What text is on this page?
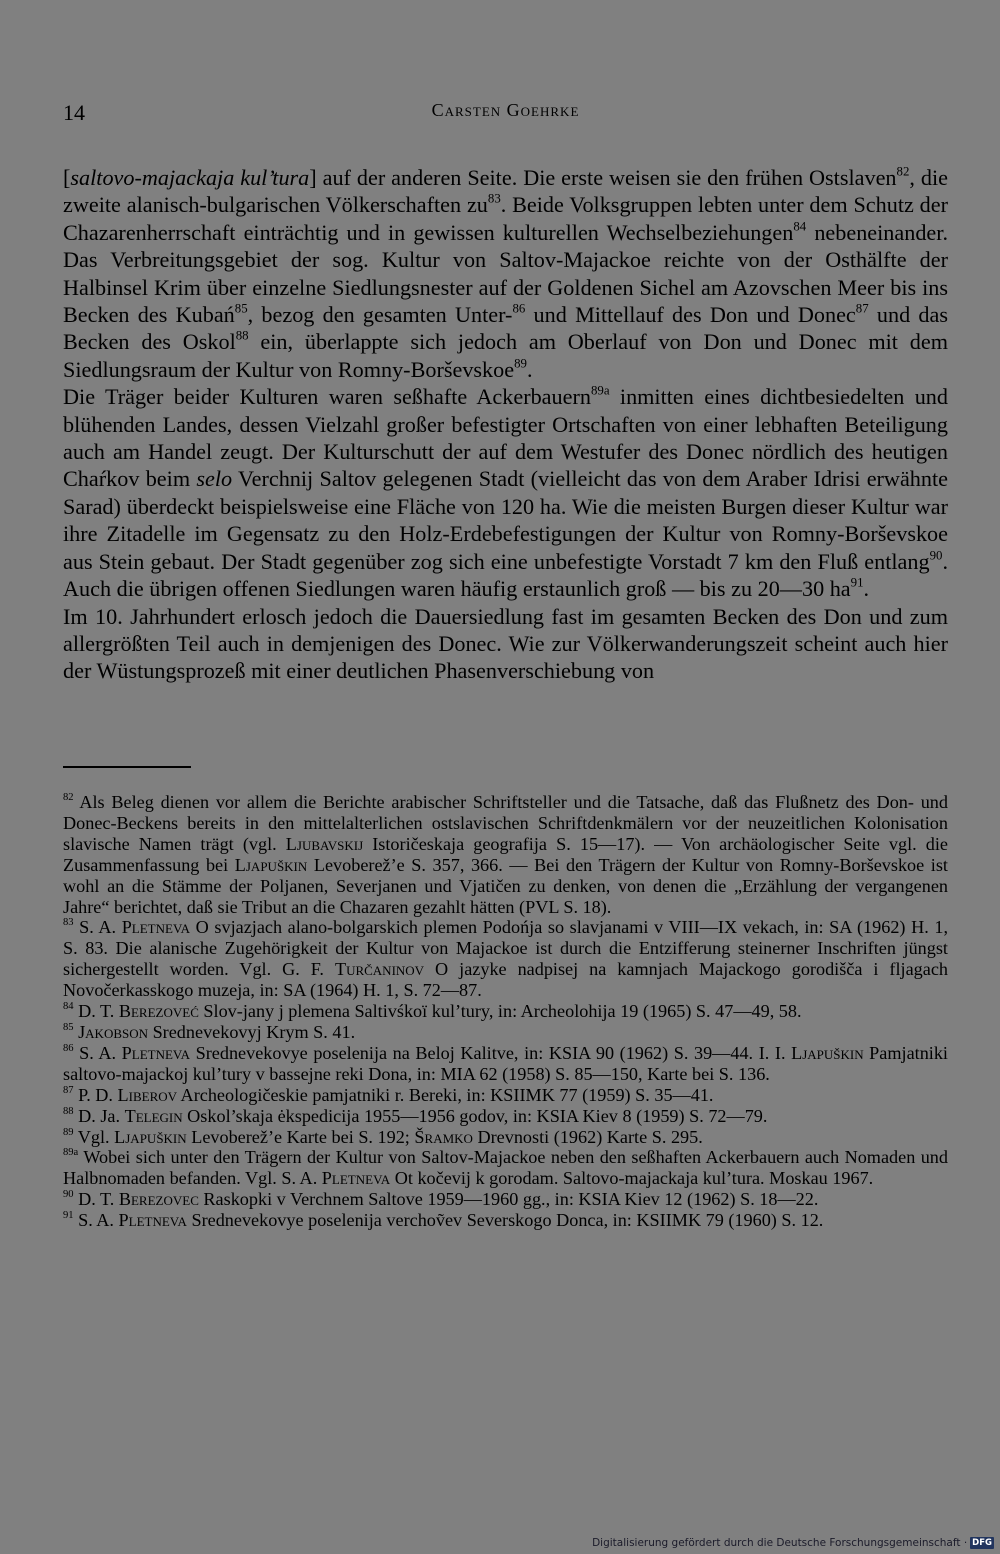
14	Carsten Goehrke

[saltovo-majackaja kul’tura] auf der anderen Seite. Die erste weisen sie den frühen Ostslaven$^{82}$, die zweite alanisch-bulgarischen Völkerschaften $zu^{83}$. Beide Volksgruppen lebten unter dem Schutz der Chazarenherrschaft einträchtig und in gewissen kulturellen Wechselbeziehungen$^{84}$ nebeneinander. Das Verbreitungsgebiet der sog. Kultur von Saltov-Majackoe reichte von der Osthälfte der Halbinsel Krim über einzelne Siedlungsnester auf der Goldenen Sichel am Azovschen Meer bis ins Becken des Kubań$^{85}$, bezog den gesamten Unter-$^{86}$ und Mittellauf des Don und Donec$^{87}$ und das Becken des Oskol$^{88}$ ein, überlappte sich jedoch am Oberlauf von Don und Donec mit dem Siedlungsraum der Kultur von Romny-Borševskoe$^{89}$.

Die Träger beider Kulturen waren seßhafte Ackerbauern$^{89a}$ inmitten eines dichtbesiedelten und blühenden Landes, dessen Vielzahl großer befestigter Ortschaften von einer lebhaften Beteiligung auch am Handel zeugt. Der Kulturschutt der auf dem Westufer des Donec nördlich des heutigen Chaŕkov beim selo Verchnij Saltov gelegenen Stadt (vielleicht das von dem Araber Idrisi erwähnte Sarad) überdeckt beispielsweise eine Fläche von 120 ha. Wie die meisten Burgen dieser Kultur war ihre Zitadelle im Gegensatz zu den Holz-Erdebefestigungen der Kultur von Romny-Borševskoe aus Stein gebaut. Der Stadt gegenüber zog sich eine unbefestigte Vorstadt 7 km den Fluß entlang$^{90}$. Auch die übrigen offenen Siedlungen waren häufig erstaunlich groß — bis zu 20—30 $ha^{91}$.

Im 10. Jahrhundert erlosch jedoch die Dauersiedlung fast im gesamten Becken des Don und zum allergrößten Teil auch in demjenigen des Donec. Wie zur Völkerwanderungszeit scheint auch hier der Wüstungsprozeß mit einer deutlichen Phasenverschiebung von

$^{82}$ Als Beleg dienen vor allem die Berichte arabischer Schriftsteller und die Tatsache, daß das Flußnetz des Don- und Donec-Beckens bereits in den mittelalterlichen ostslavischen Schriftdenkmälern vor der neuzeitlichen Kolonisation slavische Namen trägt (vgl. Ljubavskij Istoričeskaja geografija S. 15—17). — Von archäologischer Seite vgl. die Zusammenfassung bei Ljapuškin Levoberež’e S. 357, 366. — Bei den Trägern der Kultur von Romny-Borševskoe ist wohl an die Stämme der Poljanen, Severjanen und Vjatičen zu denken, von denen die „Erzählung der vergangenen Jahre“ berichtet, daß sie Tribut an die Chazaren gezahlt hätten (PVL S. 18).

$^{83}$ S. A. Pletneva O svjazjach alano-bolgarskich plemen Podońja so slavjanami v VIII—IX vekach, in: SA (1962) H. 1, S. 83. Die alanische Zugehörigkeit der Kultur von Majackoe ist durch die Entzifferung steinerner Inschriften jüngst sichergestellt worden. Vgl. G. F. Turčaninov O jazyke nadpisej na kamnjach Majackogo gorodišča i fljagach Novočerkasskogo muzeja, in: SA (1964) H. 1, S. 72—87.

$^{84}$ D. T. Berezoveć Slov-jany j plemena Saltivśkoï kul’tury, in: Archeolohija 19 (1965) S. 47—49, 58.

$^{85}$ Jakobson Srednevekovyj Krym S. 41.

$^{86}$ S. A. Pletneva Srednevekovye poselenija na Beloj Kalitve, in: KSIA 90 (1962) S. 39—44. I. I. Ljapuškin Pamjatniki saltovo-majackoj kul’tury v bassejne reki Dona, in: MIA 62 (1958) S. 85—150, Karte bei S. 136.

$^{87}$ P. D. Liberov Archeologičeskie pamjatniki r. Bereki, in: KSIIMK 77 (1959) S. 35—41.

$^{88}$ D. Ja. Telegin Oskol’skaja ėkspedicija 1955—1956 godov, in: KSIA Kiev 8 (1959) S. 72—79.

$^{89}$ Vgl. Ljapuškin Levoberež’e Karte bei S. 192; Šramko Drevnosti (1962) Karte S. 295.

$^{89a}$ Wobei sich unter den Trägern der Kultur von Saltov-Majackoe neben den seßhaften Ackerbauern auch Nomaden und Halbnomaden befanden. Vgl. S. A. Pletneva Ot kočevij k gorodam. Saltovo-majackaja kul’tura. Moskau 1967.

$^{90}$ D. T. Berezovec Raskopki v Verchnem Saltove 1959—1960 gg., in: KSIA Kiev 12 (1962) S. 18—22.

$^{91}$ S. A. Pletneva Srednevekovye poselenija verchoṽev Severskogo Donca, in: KSIIMK 79 (1960) S. 12.

Digitalisierung gefördert durch die Deutsche Forschungsgemeinschaft · DFG
